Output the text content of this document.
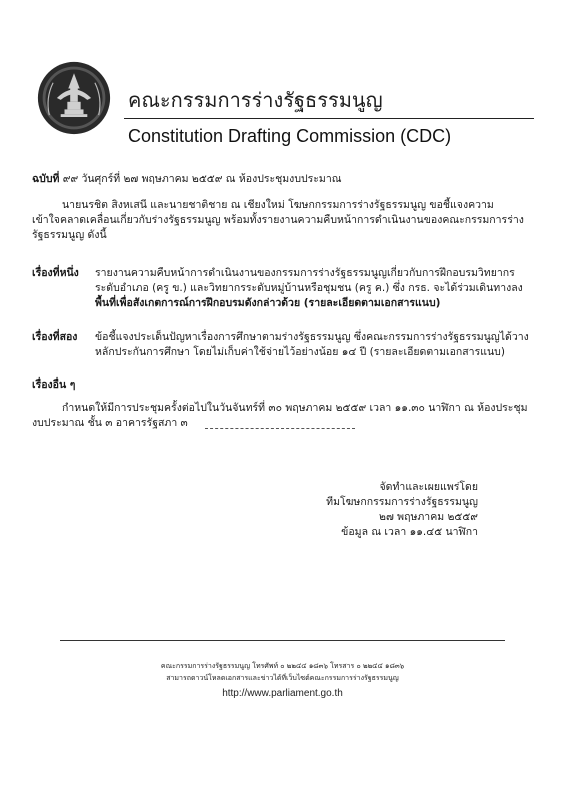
คณะกรรมการร่างรัฐธรรมนูญ
Constitution Drafting Commission (CDC)
ฉบับที่ ๙๙ วันศุกร์ที่ ๒๗ พฤษภาคม ๒๕๕๙ ณ ห้องประชุมงบประมาณ
นายนรชิต สิงหเสนี และนายชาติชาย ณ เชียงใหม่ โฆษกกรรมการร่างรัฐธรรมนูญ ขอชี้แจงความ
เข้าใจคลาดเคลื่อนเกี่ยวกับร่างรัฐธรรมนูญ พร้อมทั้งรายงานความคืบหน้าการดำเนินงานของคณะกรรมการร่าง
รัฐธรรมนูญ ดังนี้
เรื่องที่หนึ่ง รายงานความคืบหน้าการดำเนินงานของกรรมการร่างรัฐธรรมนูญเกี่ยวกับการฝึกอบรมวิทยากร
ระดับอำเภอ (ครู ข.) และวิทยากรระดับหมู่บ้านหรือชุมชน (ครู ค.) ซึ่ง กรธ. จะได้ร่วมเดินทางลง
พื้นที่เพื่อสังเกตการณ์การฝึกอบรมดังกล่าวด้วย (รายละเอียดตามเอกสารแนบ)
เรื่องที่สอง ข้อชี้แจงประเด็นปัญหาเรื่องการศึกษาตามร่างรัฐธรรมนูญ ซึ่งคณะกรรมการร่างรัฐธรรมนูญได้วาง
หลักประกันการศึกษา โดยไม่เก็บค่าใช้จ่ายไว้อย่างน้อย ๑๔ ปี (รายละเอียดตามเอกสารแนบ)
เรื่องอื่น ๆ
กำหนดให้มีการประชุมครั้งต่อไปในวันจันทร์ที่ ๓๐ พฤษภาคม ๒๕๕๙ เวลา ๑๑.๓๐ นาฬิกา ณ ห้องประชุม
งบประมาณ ชั้น ๓ อาคารรัฐสภา ๓
จัดทำและเผยแพร่โดย
ทีมโฆษกกรรมการร่างรัฐธรรมนูญ
๒๗ พฤษภาคม ๒๕๕๙
ข้อมูล ณ เวลา ๑๑.๔๕ นาฬิกา
คณะกรรมการร่างรัฐธรรมนูญ โทรศัพท์ ๐ ๒๒๔๔ ๑๘๓๖ โทรสาร ๐ ๒๒๔๔ ๑๘๓๖
สามารถดาวน์โหลดเอกสารและข่าวได้ที่เว็บไซต์คณะกรรมการร่างรัฐธรรมนูญ
http://www.parliament.go.th
